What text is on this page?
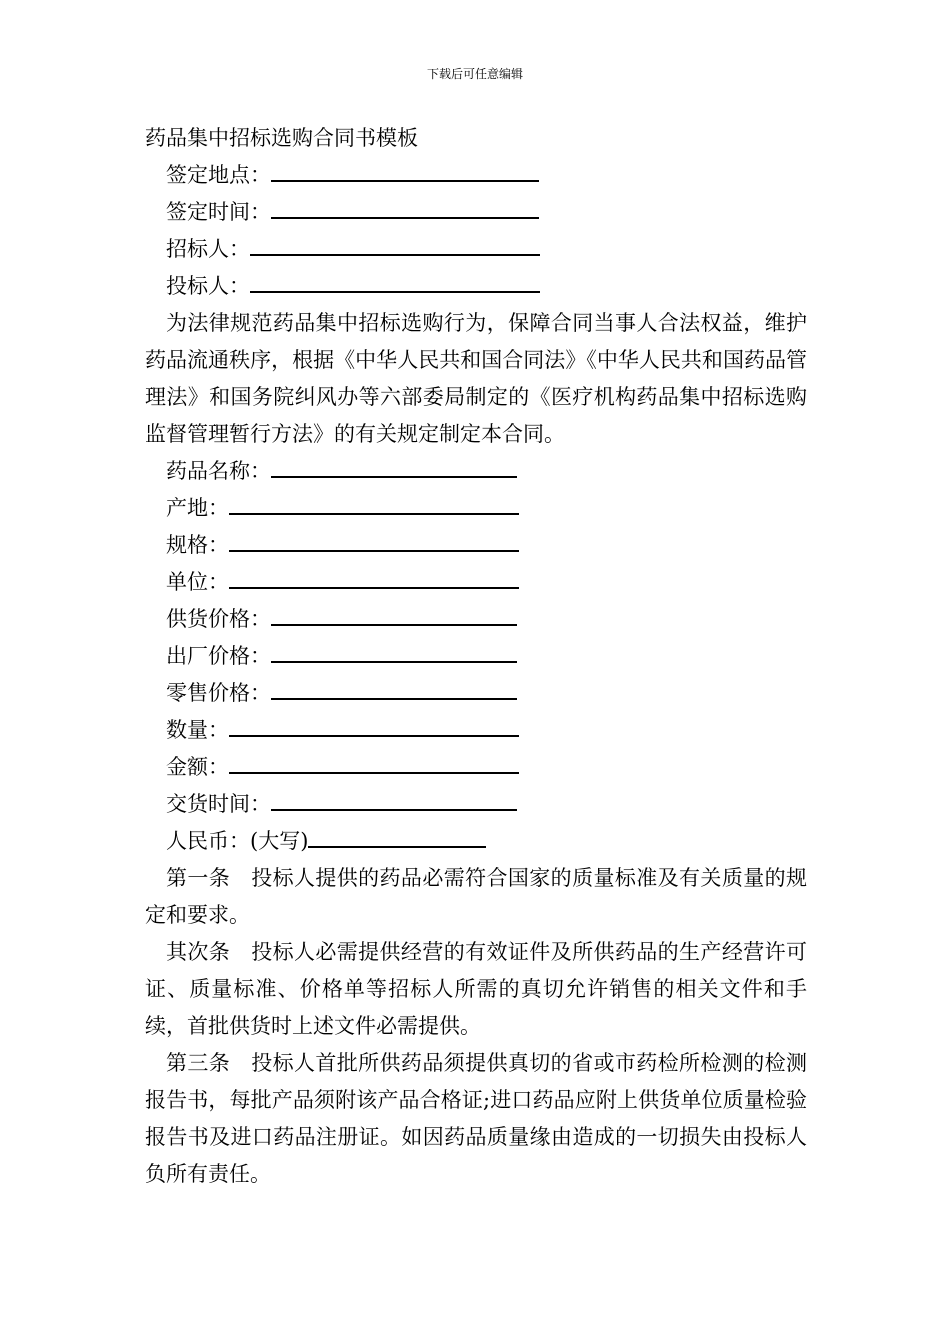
下载后可任意编辑
药品集中招标选购合同书模板
签定地点：
签定时间：
招标人：
投标人：

为法律规范药品集中招标选购行为，保障合同当事人合法权益，维护药品流通秩序，根据《中华人民共和国合同法》《中华人民共和国药品管理法》和国务院纠风办等六部委局制定的《医疗机构药品集中招标选购监督管理暂行方法》的有关规定制定本合同。

药品名称：
产地：
规格：
单位：
供货价格：
出厂价格：
零售价格：
数量：
金额：
交货时间：
人民币：(大写)

第一条 投标人提供的药品必需符合国家的质量标准及有关质量的规定和要求。

其次条 投标人必需提供经营的有效证件及所供药品的生产经营许可证、质量标准、价格单等招标人所需的真切允许销售的相关文件和手续，首批供货时上述文件必需提供。

第三条 投标人首批所供药品须提供真切的省或市药检所检测的检测报告书，每批产品须附该产品合格证;进口药品应附上供货单位质量检验报告书及进口药品注册证。如因药品质量缘由造成的一切损失由投标人负所有责任。
